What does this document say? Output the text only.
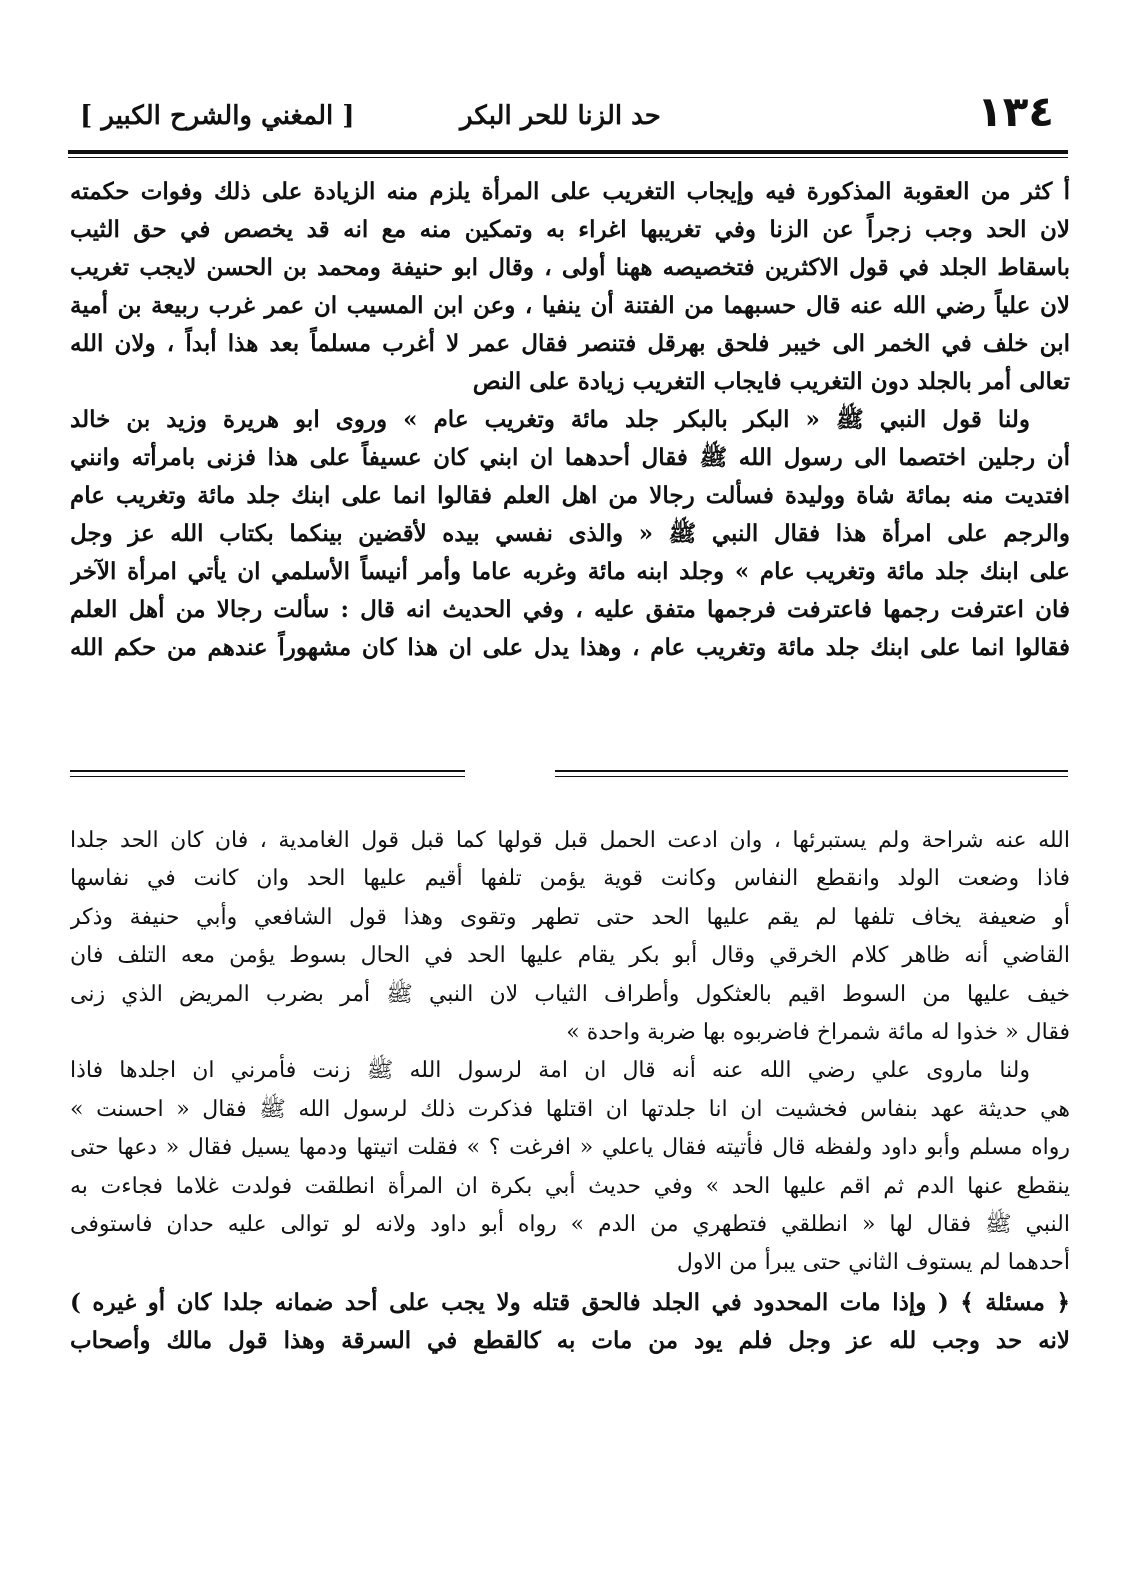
١٣٤
حد الزنا للحر البكر
[ المغني والشرح الكبير ]
أ كثر من العقوبة المذكورة فيه وإيجاب التغريب على المرأة يلزم منه الزيادة على ذلك وفوات حكمته
لان الحد وجب زجراً عن الزنا وفي تغريبها اغراء به وتمكين منه مع انه قد يخصص في حق الثيب
باسقاط الجلد في قول الاكثرين فتخصيصه ههنا أولى ، وقال ابو حنيفة ومحمد بن الحسن لايجب تغريب
لان علياً رضي الله عنه قال حسبهما من الفتنة أن ينفيا ، وعن ابن المسيب ان عمر غرب ربيعة بن أمية
ابن خلف في الخمر الى خيبر فلحق بهرقل فتنصر فقال عمر لا أغرب مسلماً بعد هذا أبداً ، ولان الله
تعالى أمر بالجلد دون التغريب فايجاب التغريب زيادة على النص
ولنا قول النبي ﷺ « البكر بالبكر جلد مائة وتغريب عام » وروى ابو هريرة وزيد بن خالد
أن رجلين اختصما الى رسول الله ﷺ فقال أحدهما ان ابني كان عسيفاً على هذا فزنى بامرأته وانني
افتديت منه بمائة شاة ووليدة فسألت رجالا من اهل العلم فقالوا انما على ابنك جلد مائة وتغريب عام
والرجم على امرأة هذا فقال النبي ﷺ « والذى نفسي بيده لأقضين بينكما بكتاب الله عز وجل
على ابنك جلد مائة وتغريب عام » وجلد ابنه مائة وغربه عاما وأمر أنيساً الأسلمي ان يأتي امرأة الآخر
فان اعترفت رجمها فاعترفت فرجمها متفق عليه ، وفي الحديث انه قال : سألت رجالا من أهل العلم
فقالوا انما على ابنك جلد مائة وتغريب عام ، وهذا يدل على ان هذا كان مشهوراً عندهم من حكم الله
الله عنه شراحة ولم يستبرئها ، وان ادعت الحمل قبل قولها كما قبل قول الغامدية ، فان كان الحد جلدا
فاذا وضعت الولد وانقطع النفاس وكانت قوية يؤمن تلفها أقيم عليها الحد وان كانت في نفاسها
أو ضعيفة يخاف تلفها لم يقم عليها الحد حتى تطهر وتقوى وهذا قول الشافعي وأبي حنيفة وذكر
القاضي أنه ظاهر كلام الخرقي وقال أبو بكر يقام عليها الحد في الحال بسوط يؤمن معه التلف فان
خيف عليها من السوط اقيم بالعثكول وأطراف الثياب لان النبي ﷺ أمر بضرب المريض الذي زنى
فقال « خذوا له مائة شمراخ فاضربوه بها ضربة واحدة »
ولنا ماروى علي رضي الله عنه أنه قال ان امة لرسول الله ﷺ زنت فأمرني ان اجلدها فاذا
هي حديثة عهد بنفاس فخشيت ان انا جلدتها ان اقتلها فذكرت ذلك لرسول الله ﷺ فقال « احسنت »
رواه مسلم وأبو داود ولفظه قال فأتيته فقال ياعلي « افرغت ؟ » فقلت اتيتها ودمها يسيل فقال « دعها حتى
ينقطع عنها الدم ثم اقم عليها الحد » وفي حديث أبي بكرة ان المرأة انطلقت فولدت غلاما فجاءت به
النبي ﷺ فقال لها « انطلقي فتطهري من الدم » رواه أبو داود ولانه لو توالى عليه حدان فاستوفى
أحدهما لم يستوف الثاني حتى يبرأ من الاول
﴿ مسئلة ﴾ ( وإذا مات المحدود في الجلد فالحق قتله ولا يجب على أحد ضمانه جلدا كان أو غيره )
لانه حد وجب لله عز وجل فلم يود من مات به كالقطع في السرقة وهذا قول مالك وأصحاب
